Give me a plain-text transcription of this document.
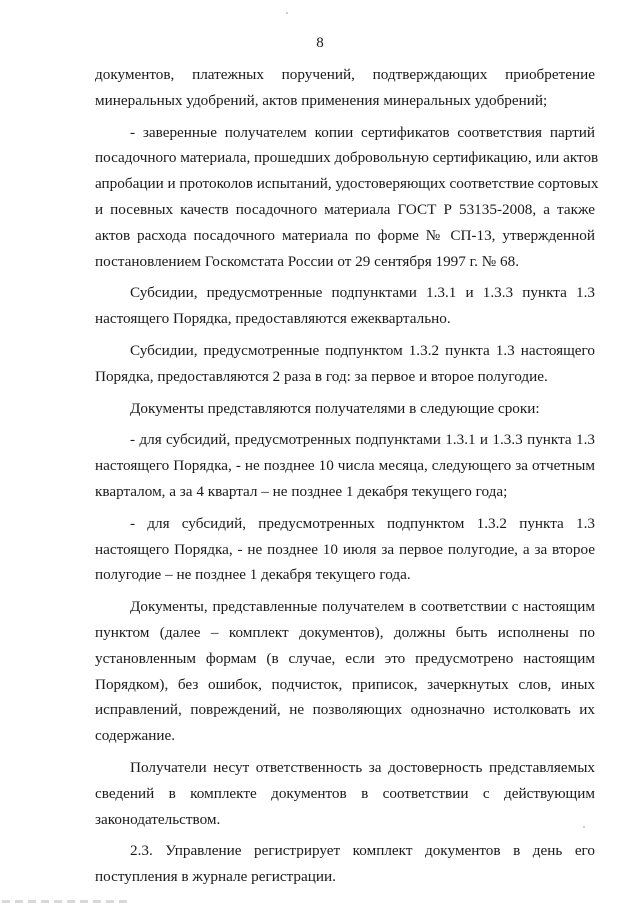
8
документов, платежных поручений, подтверждающих приобретение
минеральных удобрений, актов применения минеральных удобрений;
- заверенные получателем копии сертификатов соответствия партий
посадочного материала, прошедших добровольную сертификацию, или актов
апробации и протоколов испытаний, удостоверяющих соответствие сортовых
и посевных качеств посадочного материала ГОСТ Р 53135-2008, а также
актов расхода посадочного материала по форме № СП-13, утвержденной
постановлением Госкомстата России от 29 сентября 1997 г. № 68.
Субсидии, предусмотренные подпунктами 1.3.1 и 1.3.3 пункта 1.3
настоящего Порядка, предоставляются ежеквартально.
Субсидии, предусмотренные подпунктом 1.3.2 пункта 1.3 настоящего
Порядка, предоставляются 2 раза в год: за первое и второе полугодие.
Документы представляются получателями в следующие сроки:
- для субсидий, предусмотренных подпунктами 1.3.1 и 1.3.3 пункта 1.3
настоящего Порядка, - не позднее 10 числа месяца, следующего за отчетным
кварталом, а за 4 квартал – не позднее 1 декабря текущего года;
- для субсидий, предусмотренных подпунктом 1.3.2 пункта 1.3
настоящего Порядка, - не позднее 10 июля за первое полугодие, а за второе
полугодие – не позднее 1 декабря текущего года.
Документы, представленные получателем в соответствии с настоящим
пунктом (далее – комплект документов), должны быть исполнены по
установленным формам (в случае, если это предусмотрено настоящим
Порядком), без ошибок, подчисток, приписок, зачеркнутых слов, иных
исправлений, повреждений, не позволяющих однозначно истолковать их
содержание.
Получатели несут ответственность за достоверность представляемых
сведений в комплекте документов в соответствии с действующим
законодательством.
2.3. Управление регистрирует комплект документов в день его
поступления в журнале регистрации.
